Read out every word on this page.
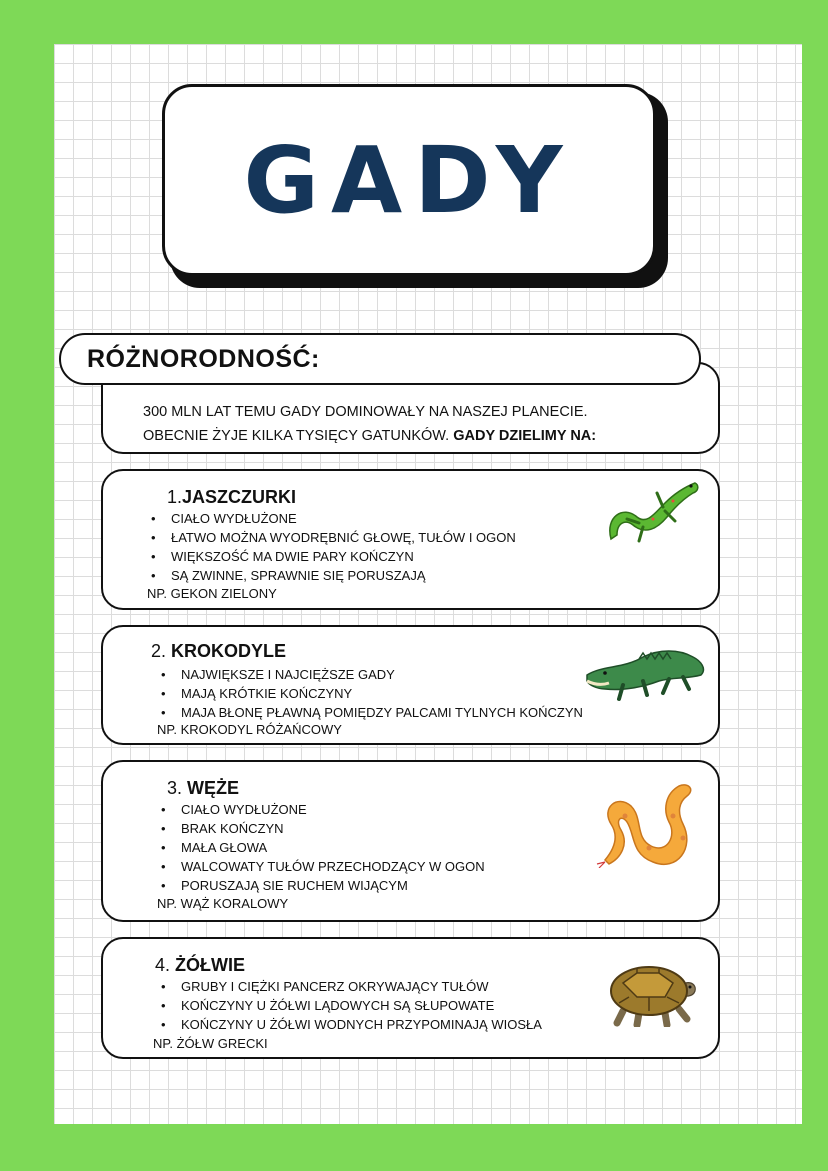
GADY
300 MLN LAT TEMU GADY DOMINOWAŁY NA NASZEJ PLANECIE.
OBECNIE ŻYJE KILKA TYSIĘCY GATUNKÓW. GADY DZIELIMY NA:
RÓŻNORODNOŚĆ:
1.JASZCZURKI
• CIAŁO WYDŁUŻONE
• ŁATWO MOŻNA WYODRĘBNIĆ GŁOWĘ, TUŁÓW I OGON
• WIĘKSZOŚĆ MA DWIE PARY KOŃCZYN
• SĄ ZWINNE, SPRAWNIE SIĘ PORUSZAJĄ
NP. GEKON ZIELONY
2. KROKODYLE
• NAJWIĘKSZE I NAJCIĘŻSZE GADY
• MAJĄ KRÓTKIE KOŃCZYNY
• MAJA BŁONĘ PŁAWNĄ POMIĘDZY PALCAMI TYLNYCH KOŃCZYN
NP. KROKODYL RÓŻAŃCOWY
3. WĘŻE
• CIAŁO WYDŁUŻONE
• BRAK KOŃCZYN
• MAŁA GŁOWA
• WALCOWATY TUŁÓW PRZECHODZĄCY W OGON
• PORUSZAJĄ SIE RUCHEM WIJĄCYM
NP. WĄŻ KORALOWY
4. ŻÓŁWIE
• GRUBY I CIĘŻKI PANCERZ OKRYWAJĄCY TUŁÓW
• KOŃCZYNY U ŻÓŁWI LĄDOWYCH SĄ SŁUPOWATE
• KOŃCZYNY U ŻÓŁWI WODNYCH PRZYPOMINAJĄ WIOSŁA
NP. ŻÓŁW GRECKI
